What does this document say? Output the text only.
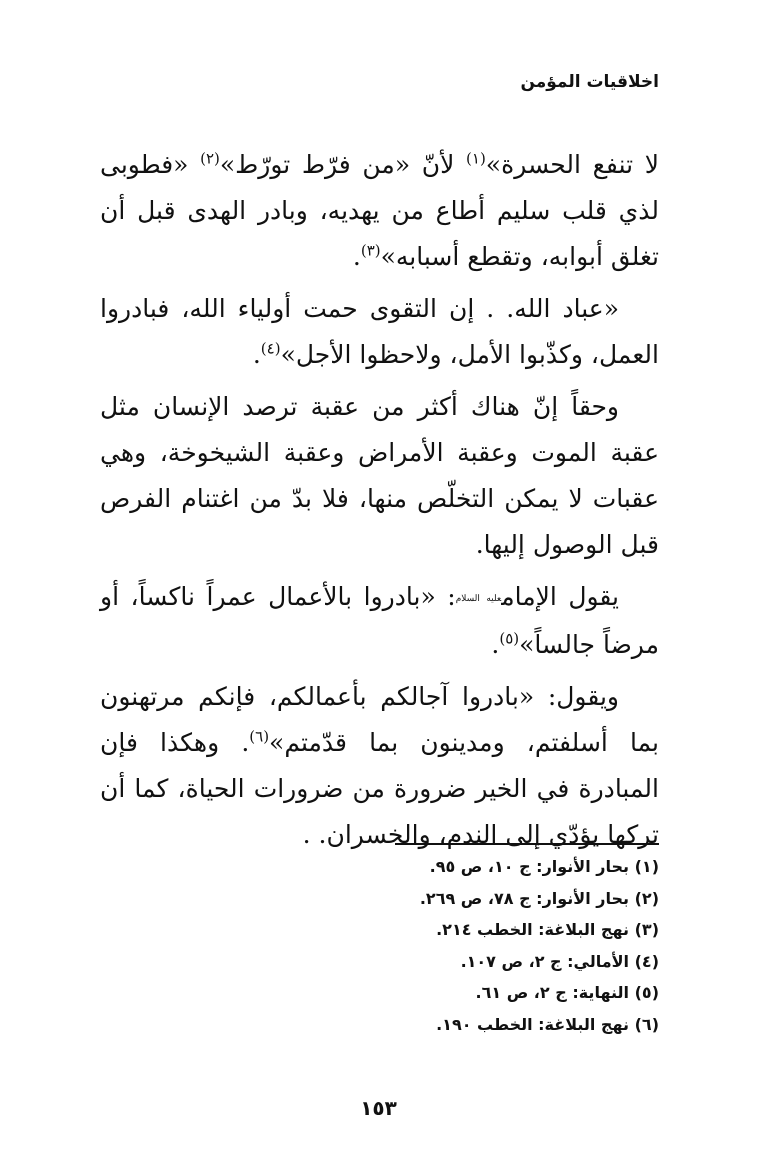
اخلاقيات المؤمن

لا تنفع الحسرة»$^{(١)}$ لأنّ «من فرّط تورّط»$^{(٢)}$ «فطوبى لذي قلب سليم أطاع من يهديه، وبادر الهدى قبل أن تغلق أبوابه، وتقطع أسبابه»$^{(٣)}$.

«عباد الله. . إن التقوى حمت أولياء الله، فبادروا العمل، وكذّبوا الأمل، ولاحظوا الأجل»$^{(٤)}$.

وحقاً إنّ هناك أكثر من عقبة ترصد الإنسان مثل عقبة الموت وعقبة الأمراض وعقبة الشيخوخة، وهي عقبات لا يمكن التخلّص منها، فلا بدّ من اغتنام الفرص قبل الوصول إليها.

يقول الإمامعليه السلام: «بادروا بالأعمال عمراً ناكساً، أو مرضاً جالساً»$^{(٥)}$.

ويقول: «بادروا آجالكم بأعمالكم، فإنكم مرتهنون بما أسلفتم، ومدينون بما قدّمتم»$^{(٦)}$. وهكذا فإن المبادرة في الخير ضرورة من ضرورات الحياة، كما أن تركها يؤدّي إلى الندم، والخسران. .

(١) بحار الأنوار: ج ١٠، ص ٩٥.
(٢) بحار الأنوار: ج ٧٨، ص ٢٦٩.
(٣) نهج البلاغة: الخطب ٢١٤.
(٤) الأمالي: ج ٢، ص ١٠٧.
(٥) النهاية: ج ٢، ص ٦١.
(٦) نهج البلاغة: الخطب ١٩٠.
١٥٣
